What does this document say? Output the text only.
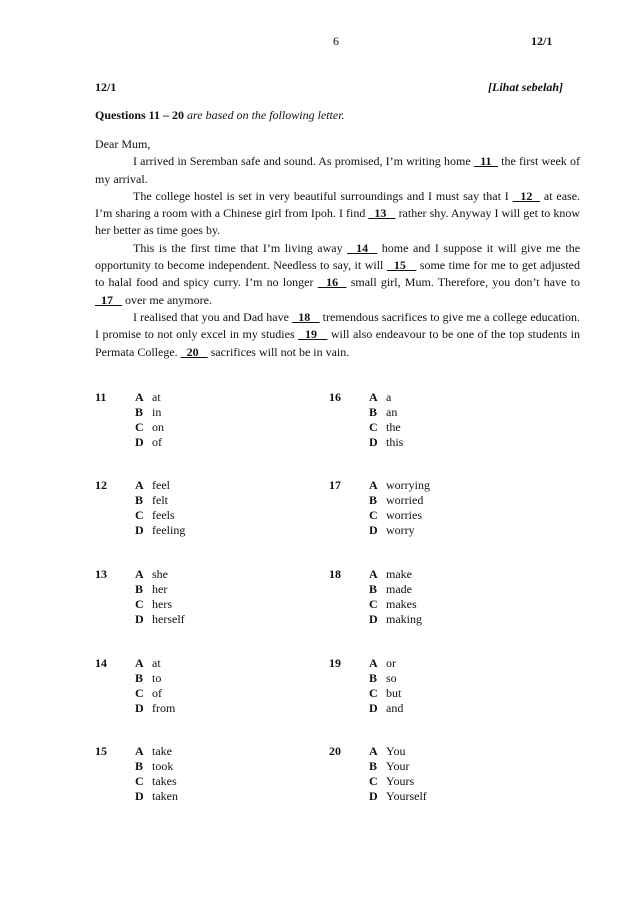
6	12/1
12/1	[Lihat sebelah]
Questions 11 – 20 are based on the following letter.

Dear Mum,

I arrived in Seremban safe and sound. As promised, I’m writing home   11   the first week of my arrival.

The college hostel is set in very beautiful surroundings and I must say that I   12   at ease. I’m sharing a room with a Chinese girl from Ipoh. I find   13    rather shy. Anyway I will get to know her better as time goes by.

This is the first time that I’m living away   14   home and I suppose it will give me the opportunity to become independent. Needless to say, it will   15    some time for me to get adjusted to halal food and spicy curry. I’m no longer   16   small girl, Mum. Therefore, you don’t have to   17    over me anymore.

I realised that you and Dad have   18    tremendous sacrifices to give me a college education. I promise to not only excel in my studies   19    will also endeavour to be one of the top students in Permata College.   20    sacrifices will not be in vain.

11 A at
B in
C on
D of
12 A feel
B felt
C feels
D feeling
13 A she
B her
C hers
D herself
14 A at
B to
C of
D from
15 A take
B took
C takes
D taken
16 A a
B an
C the
D this
17 A worrying
B worried
C worries
D worry
18 A make
B made
C makes
D making
19 A or
B so
C but
D and
20 A You
B Your
C Yours
D Yourself
